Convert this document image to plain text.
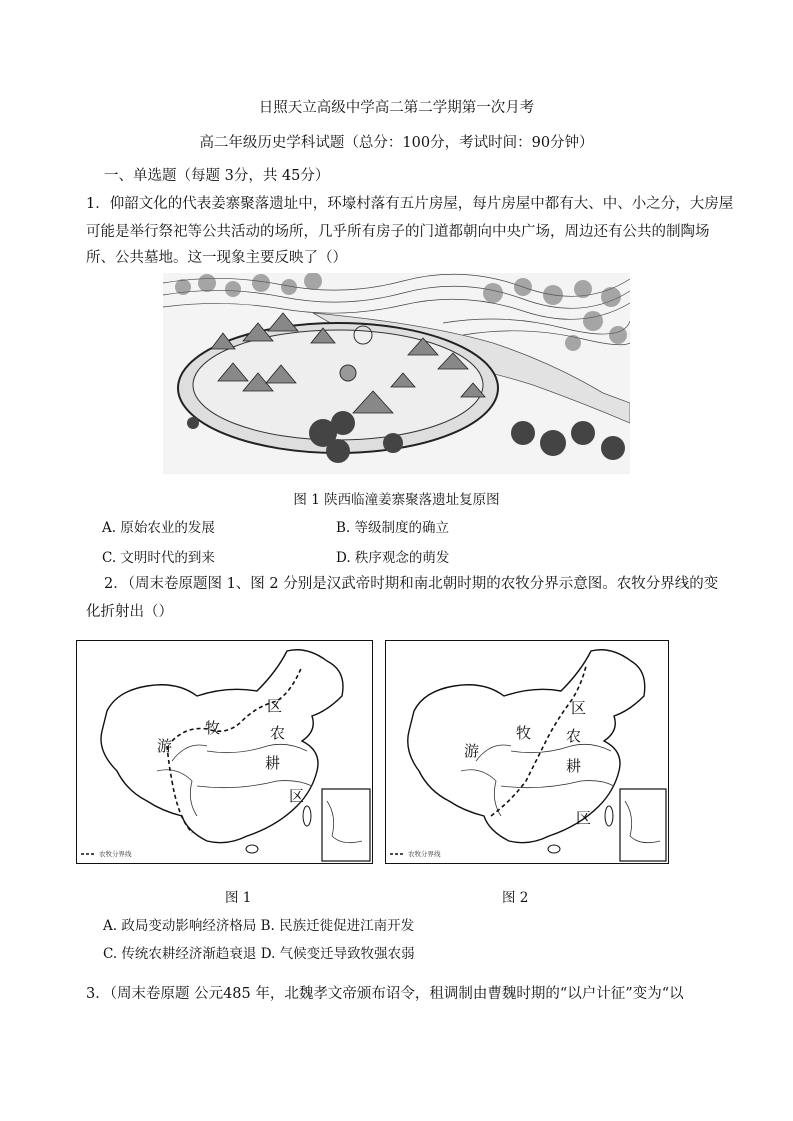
日照天立高级中学高二第二学期第一次月考
高二年级历史学科试题（总分：100分，考试时间：90分钟）
一、单选题（每题 3分，共 45分）
1．仰韶文化的代表姜寨聚落遗址中，环壕村落有五片房屋，每片房屋中都有大、中、小之分，大房屋
可能是举行祭祀等公共活动的场所，几乎所有房子的门道都朝向中央广场，周边还有公共的制陶场
所、公共墓地。这一现象主要反映了（）
图 1 陕西临潼姜寨聚落遗址复原图
A. 原始农业的发展	B. 等级制度的确立
C. 文明时代的到来	D. 秩序观念的萌发
2．（周末卷原题图 1、图 2 分别是汉武帝时期和南北朝时期的农牧分界示意图。农牧分界线的变
化折射出（）
农牧分界线
牧
区
游
农
耕
区
农牧分界线
区
牧
游
农
耕
区
图 1	图 2
A. 政局变动影响经济格局 B. 民族迁徙促进江南开发
C. 传统农耕经济渐趋衰退 D. 气候变迁导致牧强农弱
3．（周末卷原题 公元485 年，北魏孝文帝颁布诏令，租调制由曹魏时期的“以户计征”变为“以
